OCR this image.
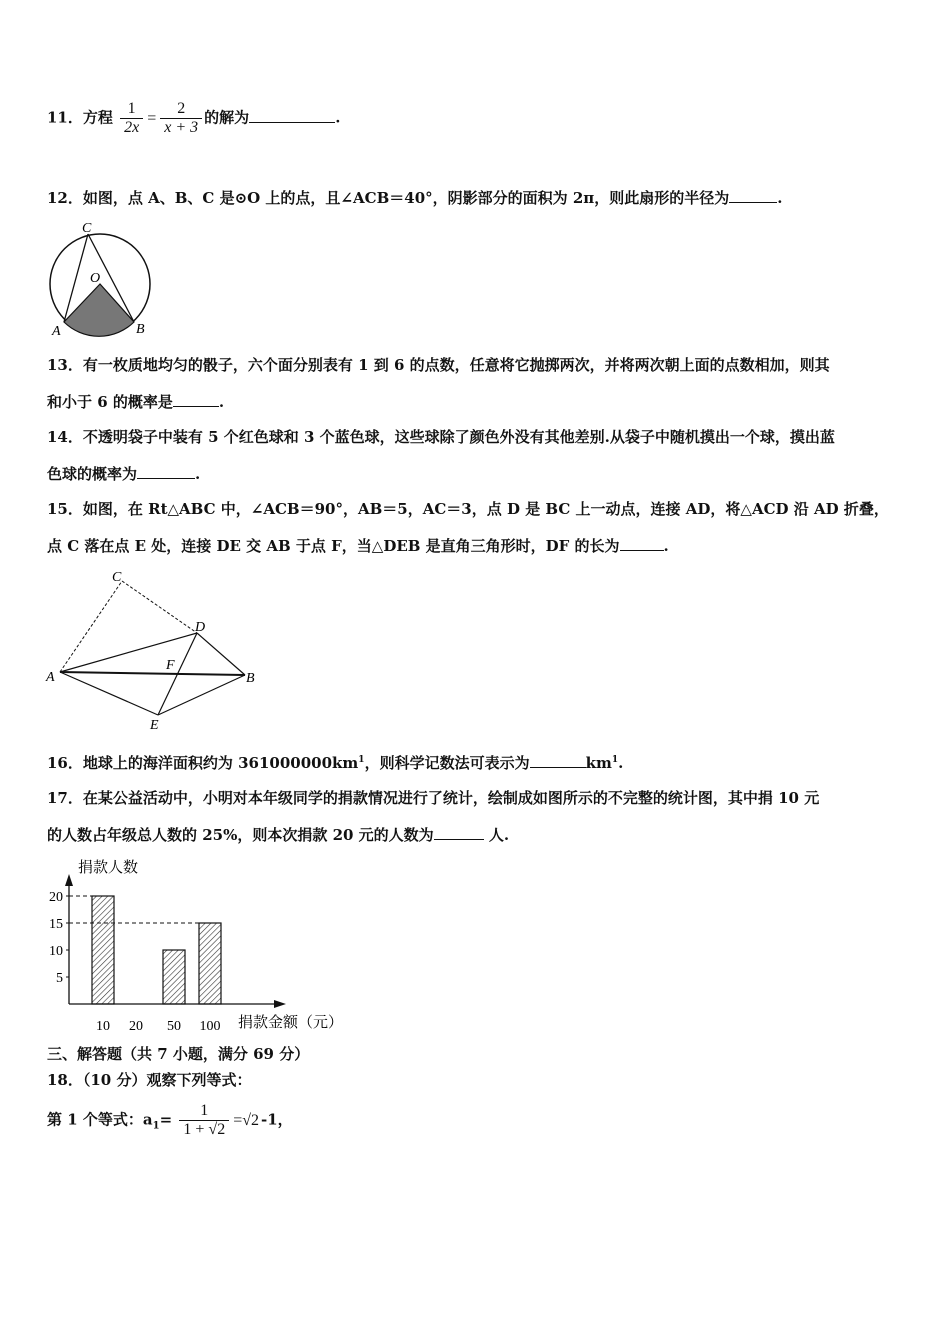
11．方程 $\frac{1}{2x} = \frac{2}{x + 3}$ 的解为	.
12．如图，点 A、B、C 是⊙O 上的点，且∠ACB＝40°，阴影部分的面积为 2π，则此扇形的半径为	.
C
O
A	B
13．有一枚质地均匀的骰子，六个面分别表有 1 到 6 的点数，任意将它抛掷两次，并将两次朝上面的点数相加，则其
和小于 6 的概率是	.
14．不透明袋子中装有 5 个红色球和 3 个蓝色球，这些球除了颜色外没有其他差别.从袋子中随机摸出一个球，摸出蓝
色球的概率为	.
15．如图，在 Rt△ABC 中，∠ACB＝90°，AB＝5，AC＝3，点 D 是 BC 上一动点，连接 AD，将△ACD 沿 AD 折叠，
点 C 落在点 E 处，连接 DE 交 AB 于点 F，当△DEB 是直角三角形时，DF 的长为	.
C
D
A
F
B
E
16．地球上的海洋面积约为 $361000000km^1$，则科学记数法可表示为	$km^1$.
17．在某公益活动中，小明对本年级同学的捐款情况进行了统计，绘制成如图所示的不完整的统计图，其中捐 10 元
的人数占年级总人数的 25%，则本次捐款 20 元的人数为	人.
捐款人数
捐款金额（元）
5
10
15
20
10 20 50 100
三、解答题（共 7 小题，满分 69 分）
18．（10 分）观察下列等式：
第 1 个等式：$a_1= \frac{1}{1 + √2} =√2$ -1，
